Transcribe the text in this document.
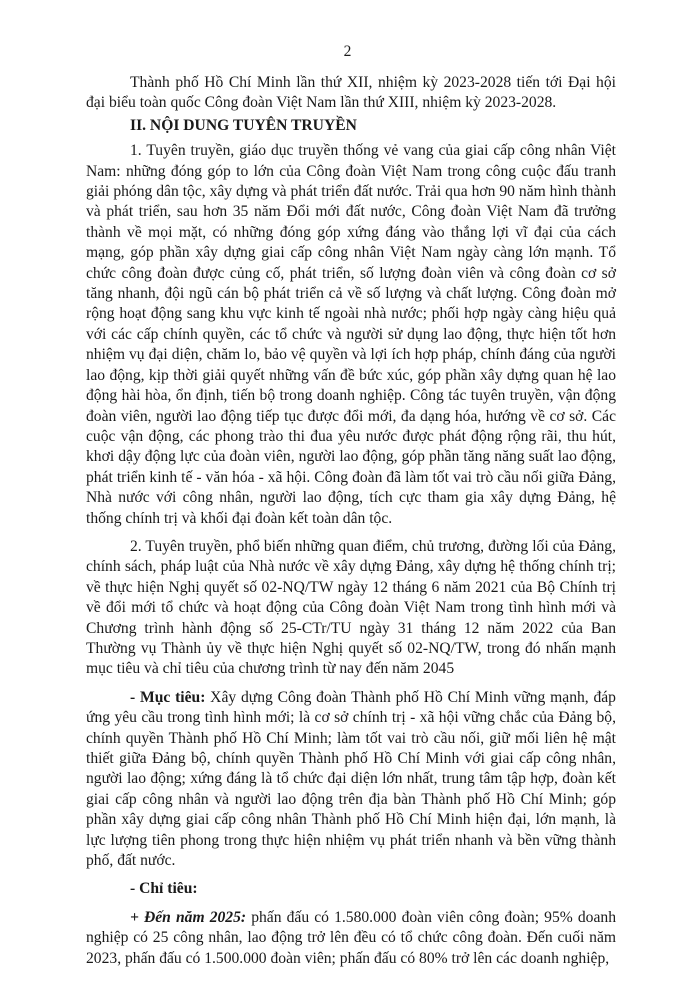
2

Thành phố Hồ Chí Minh lần thứ XII, nhiệm kỳ 2023-2028 tiến tới Đại hội đại biểu toàn quốc Công đoàn Việt Nam lần thứ XIII, nhiệm kỳ 2023-2028.

II. NỘI DUNG TUYÊN TRUYỀN

1. Tuyên truyền, giáo dục truyền thống vẻ vang của giai cấp công nhân Việt Nam: những đóng góp to lớn của Công đoàn Việt Nam trong công cuộc đấu tranh giải phóng dân tộc, xây dựng và phát triển đất nước. Trải qua hơn 90 năm hình thành và phát triển, sau hơn 35 năm Đổi mới đất nước, Công đoàn Việt Nam đã trưởng thành về mọi mặt, có những đóng góp xứng đáng vào thắng lợi vĩ đại của cách mạng, góp phần xây dựng giai cấp công nhân Việt Nam ngày càng lớn mạnh. Tổ chức công đoàn được củng cố, phát triển, số lượng đoàn viên và công đoàn cơ sở tăng nhanh, đội ngũ cán bộ phát triển cả về số lượng và chất lượng. Công đoàn mở rộng hoạt động sang khu vực kinh tế ngoài nhà nước; phối hợp ngày càng hiệu quả với các cấp chính quyền, các tổ chức và người sử dụng lao động, thực hiện tốt hơn nhiệm vụ đại diện, chăm lo, bảo vệ quyền và lợi ích hợp pháp, chính đáng của người lao động, kịp thời giải quyết những vấn đề bức xúc, góp phần xây dựng quan hệ lao động hài hòa, ổn định, tiến bộ trong doanh nghiệp. Công tác tuyên truyền, vận động đoàn viên, người lao động tiếp tục được đổi mới, đa dạng hóa, hướng về cơ sở. Các cuộc vận động, các phong trào thi đua yêu nước được phát động rộng rãi, thu hút, khơi dậy động lực của đoàn viên, người lao động, góp phần tăng năng suất lao động, phát triển kinh tế - văn hóa - xã hội. Công đoàn đã làm tốt vai trò cầu nối giữa Đảng, Nhà nước với công nhân, người lao động, tích cực tham gia xây dựng Đảng, hệ thống chính trị và khối đại đoàn kết toàn dân tộc.

2. Tuyên truyền, phổ biến những quan điểm, chủ trương, đường lối của Đảng, chính sách, pháp luật của Nhà nước về xây dựng Đảng, xây dựng hệ thống chính trị; về thực hiện Nghị quyết số 02-NQ/TW ngày 12 tháng 6 năm 2021 của Bộ Chính trị về đổi mới tổ chức và hoạt động của Công đoàn Việt Nam trong tình hình mới và Chương trình hành động số 25-CTr/TU ngày 31 tháng 12 năm 2022 của Ban Thường vụ Thành ủy về thực hiện Nghị quyết số 02-NQ/TW, trong đó nhấn mạnh mục tiêu và chỉ tiêu của chương trình từ nay đến năm 2045

- Mục tiêu: Xây dựng Công đoàn Thành phố Hồ Chí Minh vững mạnh, đáp ứng yêu cầu trong tình hình mới; là cơ sở chính trị - xã hội vững chắc của Đảng bộ, chính quyền Thành phố Hồ Chí Minh; làm tốt vai trò cầu nối, giữ mối liên hệ mật thiết giữa Đảng bộ, chính quyền Thành phố Hồ Chí Minh với giai cấp công nhân, người lao động; xứng đáng là tổ chức đại diện lớn nhất, trung tâm tập hợp, đoàn kết giai cấp công nhân và người lao động trên địa bàn Thành phố Hồ Chí Minh; góp phần xây dựng giai cấp công nhân Thành phố Hồ Chí Minh hiện đại, lớn mạnh, là lực lượng tiên phong trong thực hiện nhiệm vụ phát triển nhanh và bền vững thành phố, đất nước.

- Chỉ tiêu:

+ Đến năm 2025: phấn đấu có 1.580.000 đoàn viên công đoàn; 95% doanh nghiệp có 25 công nhân, lao động trở lên đều có tổ chức công đoàn. Đến cuối năm 2023, phấn đấu có 1.500.000 đoàn viên; phấn đấu có 80% trở lên các doanh nghiệp,
